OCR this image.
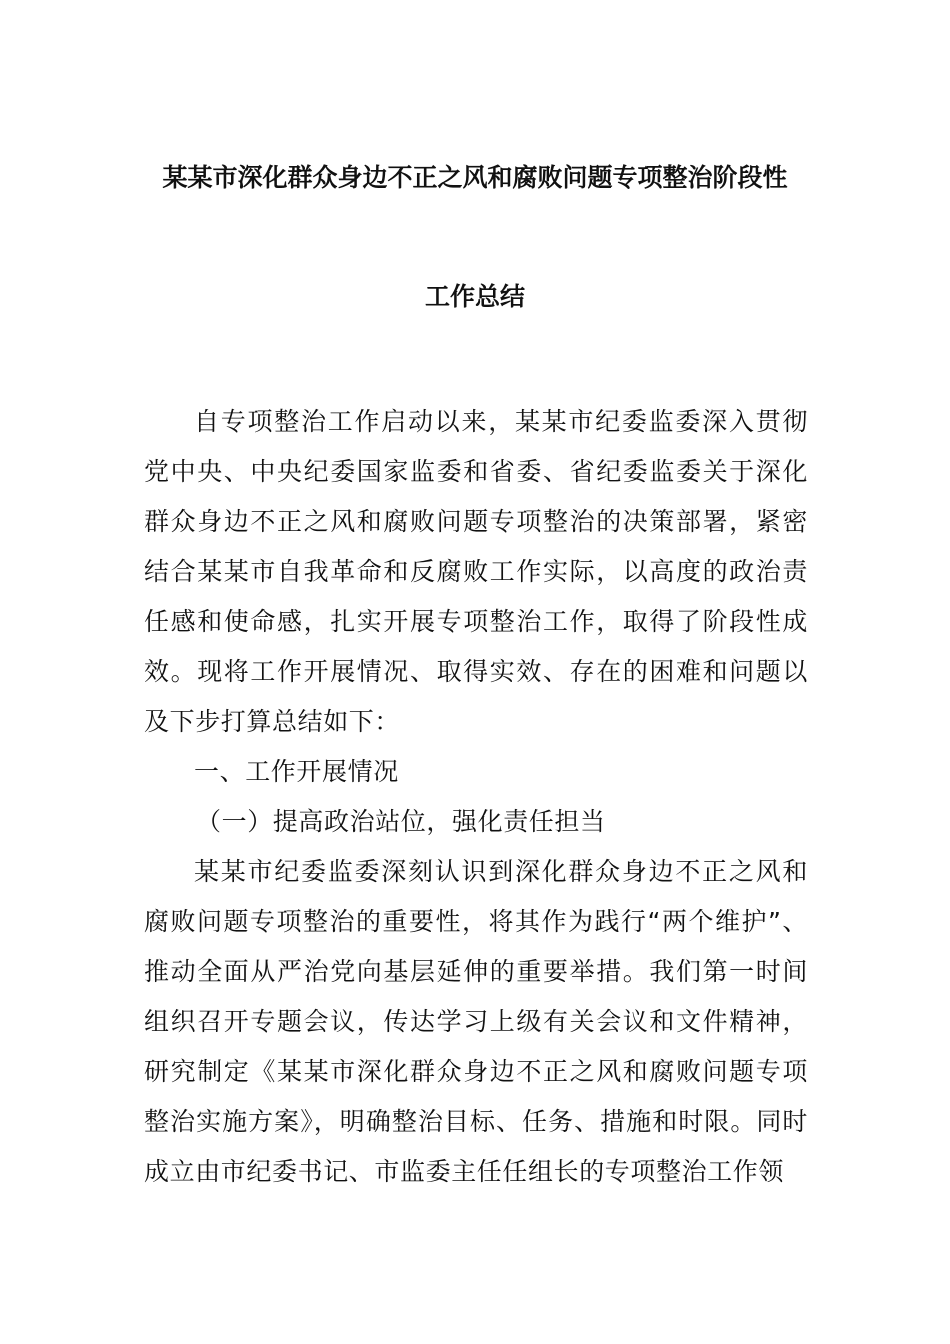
某某市深化群众身边不正之风和腐败问题专项整治阶段性
工作总结

自专项整治工作启动以来，某某市纪委监委深入贯彻党中央、中央纪委国家监委和省委、省纪委监委关于深化群众身边不正之风和腐败问题专项整治的决策部署，紧密结合某某市自我革命和反腐败工作实际，以高度的政治责任感和使命感，扎实开展专项整治工作，取得了阶段性成效。现将工作开展情况、取得实效、存在的困难和问题以及下步打算总结如下：

一、工作开展情况

（一）提高政治站位，强化责任担当

某某市纪委监委深刻认识到深化群众身边不正之风和腐败问题专项整治的重要性，将其作为践行“两个维护”、推动全面从严治党向基层延伸的重要举措。我们第一时间组织召开专题会议，传达学习上级有关会议和文件精神，研究制定《某某市深化群众身边不正之风和腐败问题专项整治实施方案》，明确整治目标、任务、措施和时限。同时成立由市纪委书记、市监委主任任组长的专项整治工作领
